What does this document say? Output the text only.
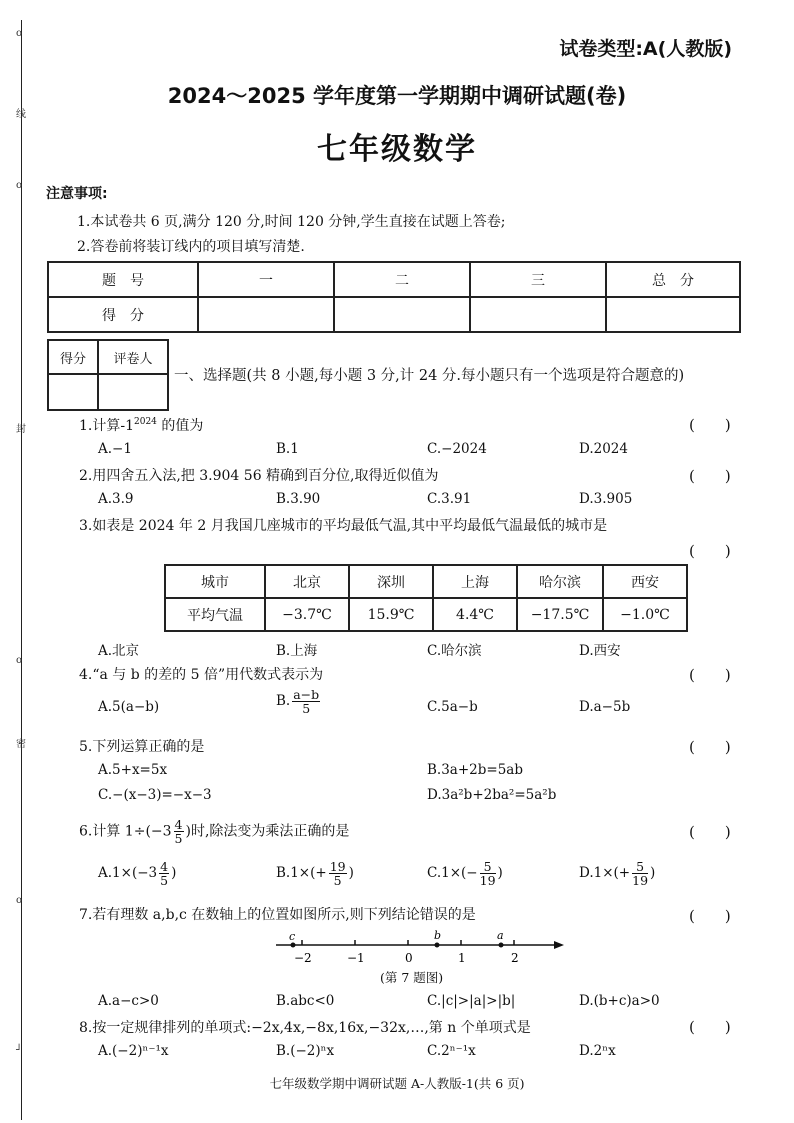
o
线
o
封
o
密
o
┘
试卷类型:A(人教版)
2024～2025 学年度第一学期期中调研试题(卷)
七年级数学
注意事项:
1.本试卷共 6 页,满分 120 分,时间 120 分钟,学生直接在试题上答卷;
2.答卷前将装订线内的项目填写清楚.
题　号	一	二	三	总　分
得　分				
得分	评卷人

一、选择题(共 8 小题,每小题 3 分,计 24 分.每小题只有一个选项是符合题意的)
1.计算$-1^{2024}$ 的值为	(　　)
A.−1	B.1	C.−2024	D.2024
2.用四舍五入法,把 3.904 56 精确到百分位,取得近似值为	(　　)
A.3.9	B.3.90	C.3.91	D.3.905
3.如表是 2024 年 2 月我国几座城市的平均最低气温,其中平均最低气温最低的城市是
(　　)
城市	北京	深圳	上海	哈尔滨	西安
平均气温	−3.7℃	15.9℃	4.4℃	−17.5℃	−1.0℃
A.北京	B.上海	C.哈尔滨	D.西安
4.“a 与 b 的差的 5 倍”用代数式表示为	(　　)
A.5(a−b)	B. $\frac{a-b}{5}$	C.5a−b	D.a−5b
5.下列运算正确的是	(　　)
A.5+x=5x	B.3a+2b=5ab
C.−(x−3)=−x−3	D.3a²b+2ba²=5a²b
6.计算 $1\div(-3 \frac{4}{5}$ )时,除法变为乘法正确的是	(　　)
$A.1\times(-3 \frac{4}{5}$ )	$B.1\times(+ \frac{19}{5}$ )	$C.1\times(- \frac{5}{19}$ )	$D.1\times(+ \frac{5}{19}$ )
7.若有理数 a,b,c 在数轴上的位置如图所示,则下列结论错误的是	(　　)
−2	−1	0	1	2
c	b	a
(第 7 题图)
A.a−c>0	B.abc<0	C.|c|>|a|>|b|	D.(b+c)a>0
8.按一定规律排列的单项式:−2x,4x,−8x,16x,−32x,…,第 n 个单项式是	(　　)
A.(−2)ⁿ⁻¹x	B.(−2)ⁿx	C.2ⁿ⁻¹x	D.2ⁿx
七年级数学期中调研试题 A-人教版-1(共 6 页)
